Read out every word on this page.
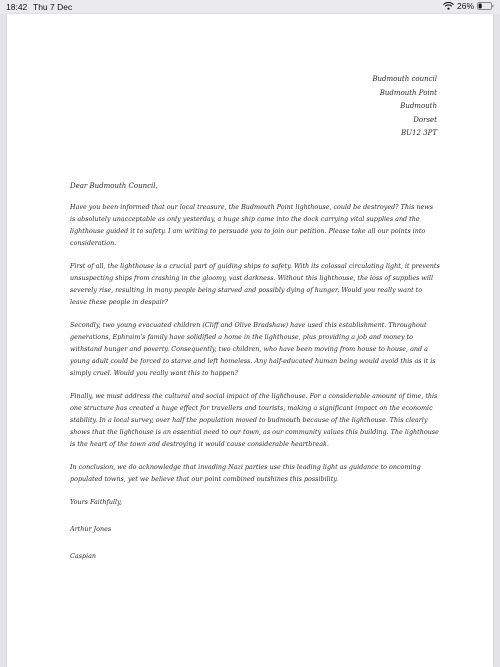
18:42 Thu 7 Dec	26%
Budmouth council
Budmouth Point
Budmouth
Dorset
BU12 3PT
Dear Budmouth Council,

Have you been informed that our local treasure, the Budmouth Point lighthouse, could be destroyed? This news is absolutely unacceptable as only yesterday, a huge ship came into the dock carrying vital supplies and the lighthouse guided it to safety. I am writing to persuade you to join our petition. Please take all our points into consideration.

First of all, the lighthouse is a crucial part of guiding ships to safety. With its colossal circulating light, it prevents unsuspecting ships from crashing in the gloomy, vast darkness. Without this lighthouse, the loss of supplies will severely rise, resulting in many people being starved and possibly dying of hunger. Would you really want to leave these people in despair?

Secondly, two young evacuated children (Cliff and Olive Bradshaw) have used this establishment. Throughout generations, Ephraim's family have solidified a home in the lighthouse, plus providing a job and money to withstand hunger and poverty. Consequently, two children, who have been moving from house to house, and a young adult could be forced to starve and left homeless. Any half-educated human being would avoid this as it is simply cruel. Would you really want this to happen?

Finally, we must address the cultural and social impact of the lighthouse. For a considerable amount of time, this one structure has created a huge effect for travellers and tourists, making a significant impact on the economic stability. In a local survey, over half the population moved to budmouth because of the lighthouse. This clearly shows that the lighthouse is an essential need to our town, as our community values this building. The lighthouse is the heart of the town and destroying it would cause considerable heartbreak.

In conclusion, we do acknowledge that invading Nazi parties use this leading light as guidance to oncoming populated towns, yet we believe that our point combined outshines this possibility.

Yours Faithfully,
Arthur Jones
Caspian
